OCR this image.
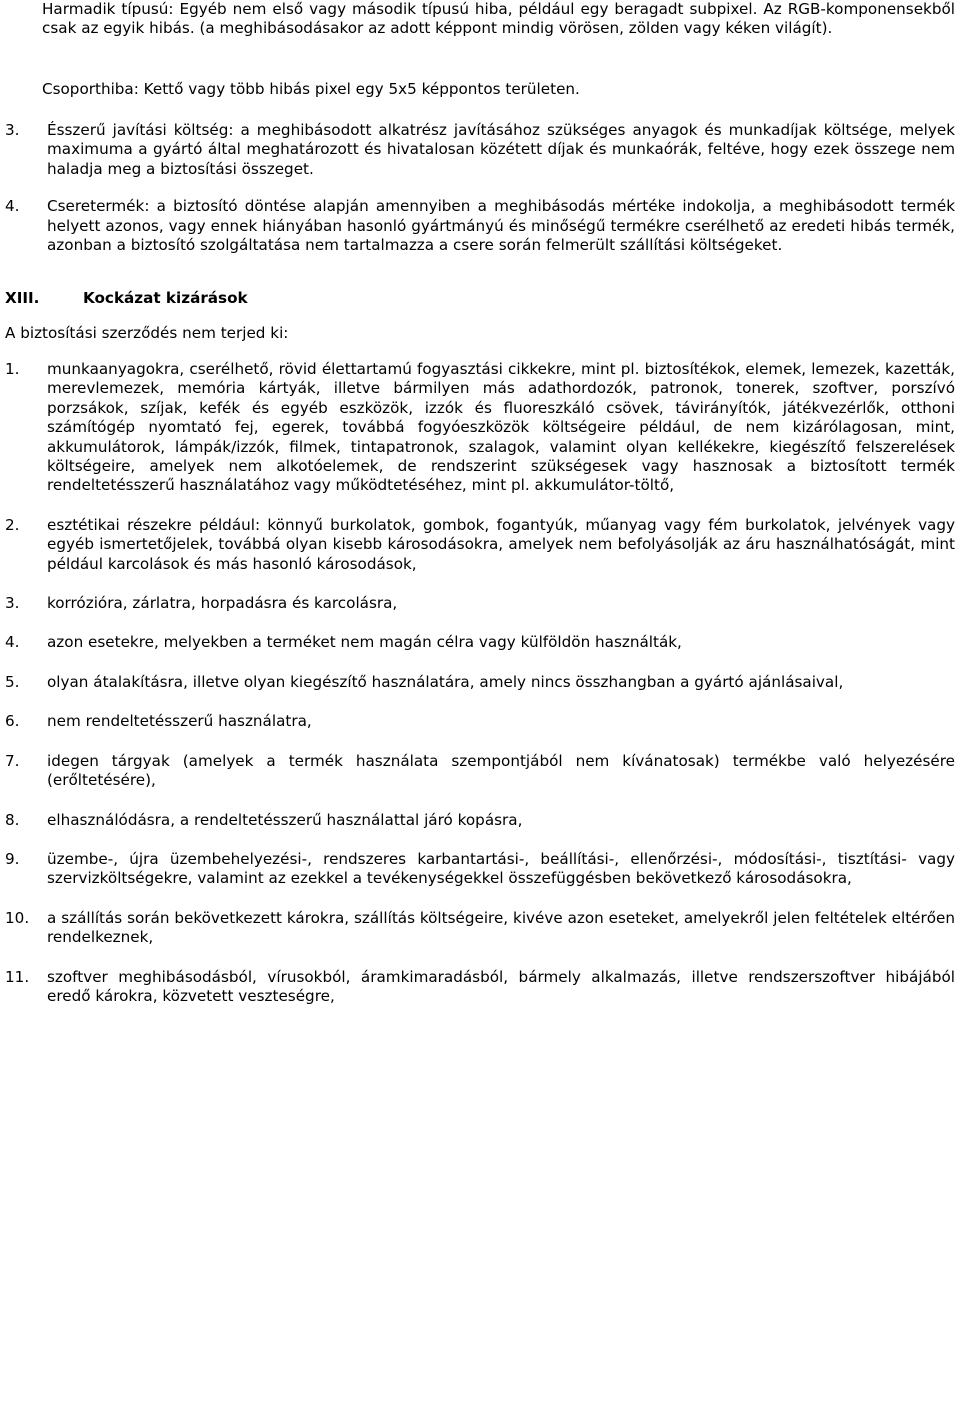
Harmadik típusú: Egyéb nem első vagy második típusú hiba, például egy beragadt subpixel. Az RGB-komponensekből csak az egyik hibás. (a meghibásodásakor az adott képpont mindig vörösen, zölden vagy kéken világít).

Csoporthiba: Kettő vagy több hibás pixel egy 5x5 képpontos területen.

3. Ésszerű javítási költség: a meghibásodott alkatrész javításához szükséges anyagok és munkadíjak költsége, melyek maximuma a gyártó által meghatározott és hivatalosan közétett díjak és munkaórák, feltéve, hogy ezek összege nem haladja meg a biztosítási összeget.

4. Cseretermék: a biztosító döntése alapján amennyiben a meghibásodás mértéke indokolja, a meghibásodott termék helyett azonos, vagy ennek hiányában hasonló gyártmányú és minőségű termékre cserélhető az eredeti hibás termék, azonban a biztosító szolgáltatása nem tartalmazza a csere során felmerült szállítási költségeket.

XIII.	Kockázat kizárások

A biztosítási szerződés nem terjed ki:

1. munkaanyagokra, cserélhető, rövid élettartamú fogyasztási cikkekre, mint pl. biztosítékok, elemek, lemezek, kazetták, merevlemezek, memória kártyák, illetve bármilyen más adathordozók, patronok, tonerek, szoftver, porszívó porzsákok, szíjak, kefék és egyéb eszközök, izzók és fluoreszkáló csövek, távirányítók, játékvezérlők, otthoni számítógép nyomtató fej, egerek, továbbá fogyóeszközök költségeire például, de nem kizárólagosan, mint, akkumulátorok, lámpák/izzók, filmek, tintapatronok, szalagok, valamint olyan kellékekre, kiegészítő felszerelések költségeire, amelyek nem alkotóelemek, de rendszerint szükségesek vagy hasznosak a biztosított termék rendeltetésszerű használatához vagy működtetéséhez, mint pl. akkumulátor-töltő,

2. esztétikai részekre például: könnyű burkolatok, gombok, fogantyúk, műanyag vagy fém burkolatok, jelvények vagy egyéb ismertetőjelek, továbbá olyan kisebb károsodásokra, amelyek nem befolyásolják az áru használhatóságát, mint például karcolások és más hasonló károsodások,

3. korrózióra, zárlatra, horpadásra és karcolásra,

4. azon esetekre, melyekben a terméket nem magán célra vagy külföldön használták,

5. olyan átalakításra, illetve olyan kiegészítő használatára, amely nincs összhangban a gyártó ajánlásaival,

6. nem rendeltetésszerű használatra,

7. idegen tárgyak (amelyek a termék használata szempontjából nem kívánatosak) termékbe való helyezésére (erőltetésére),

8. elhasználódásra, a rendeltetésszerű használattal járó kopásra,

9. üzembe-, újra üzembehelyezési-, rendszeres karbantartási-, beállítási-, ellenőrzési-, módosítási-, tisztítási- vagy szervizköltségekre, valamint az ezekkel a tevékenységekkel összefüggésben bekövetkező károsodásokra,

10. a szállítás során bekövetkezett károkra, szállítás költségeire, kivéve azon eseteket, amelyekről jelen feltételek eltérően rendelkeznek,

11. szoftver meghibásodásból, vírusokból, áramkimaradásból, bármely alkalmazás, illetve rendszerszoftver hibájából eredő károkra, közvetett veszteségre,
